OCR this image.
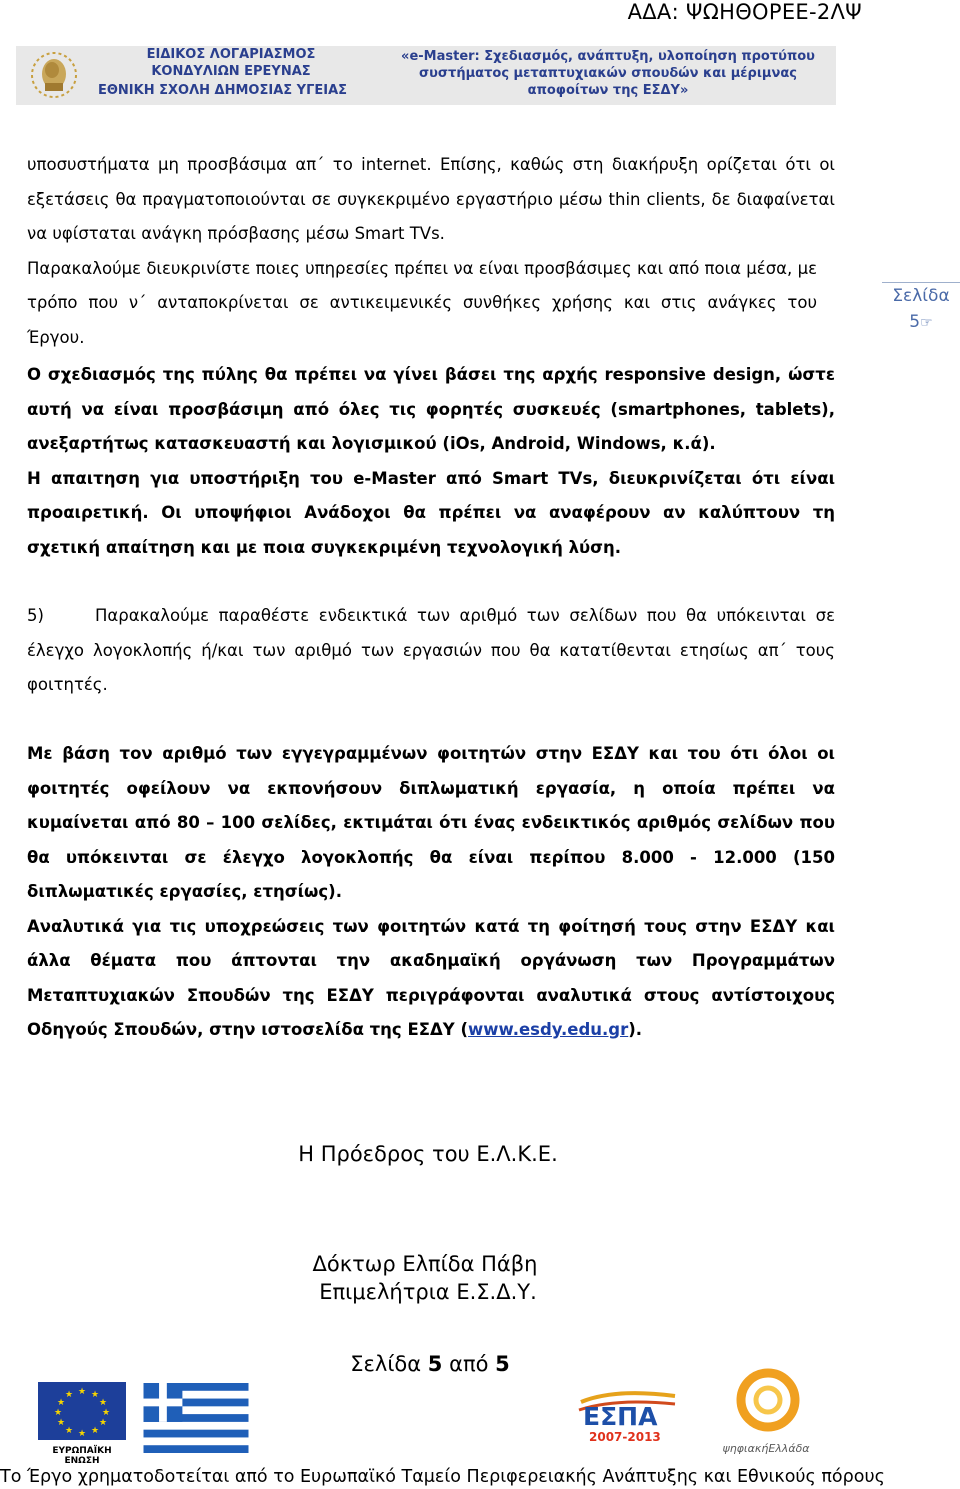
ΑΔΑ: ΨΩΗΘΟΡΕΕ-2ΛΨ
ΕΙΔΙΚΟΣ ΛΟΓΑΡΙΑΣΜΟΣ
ΚΟΝΔΥΛΙΩΝ ΕΡΕΥΝΑΣ
ΕΘΝΙΚΗ ΣΧΟΛΗ ΔΗΜΟΣΙΑΣ ΥΓΕΙΑΣ
«e-Master: Σχεδιασμός, ανάπτυξη, υλοποίηση προτύπου
συστήματος μεταπτυχιακών σπουδών και μέριμνας
αποφοίτων της ΕΣΔΥ»
Σελίδα
5☞

υποσυστήματα μη προσβάσιμα απ΄ το internet. Επίσης, καθώς στη διακήρυξη ορίζεται ότι οι εξετάσεις θα πραγματοποιούνται σε συγκεκριμένο εργαστήριο μέσω thin clients, δε διαφαίνεται να υφίσταται ανάγκη πρόσβασης μέσω Smart TVs.

Παρακαλούμε διευκρινίστε ποιες υπηρεσίες πρέπει να είναι προσβάσιμες και από ποια μέσα, με τρόπο που ν΄ ανταποκρίνεται σε αντικειμενικές συνθήκες χρήσης και στις ανάγκες του Έργου.

Ο σχεδιασμός της πύλης θα πρέπει να γίνει βάσει της αρχής responsive design, ώστε αυτή να είναι προσβάσιμη από όλες τις φορητές συσκευές (smartphones, tablets), ανεξαρτήτως κατασκευαστή και λογισμικού (iOs, Android, Windows, κ.ά).

Η απαιτηση για υποστήριξη του e-Master από Smart TVs, διευκρινίζεται ότι είναι προαιρετική. Οι υποψήφιοι Ανάδοχοι θα πρέπει να αναφέρουν αν καλύπτουν τη σχετική απαίτηση και με ποια συγκεκριμένη τεχνολογική λύση.

5)	Παρακαλούμε παραθέστε ενδεικτικά των αριθμό των σελίδων που θα υπόκεινται σε έλεγχο λογοκλοπής ή/και των αριθμό των εργασιών που θα κατατίθενται ετησίως απ΄ τους φοιτητές.

Με βάση τον αριθμό των εγγεγραμμένων φοιτητών στην ΕΣΔΥ και του ότι όλοι οι φοιτητές οφείλουν να εκπονήσουν διπλωματική εργασία, η οποία πρέπει να κυμαίνεται από 80 – 100 σελίδες, εκτιμάται ότι ένας ενδεικτικός αριθμός σελίδων που θα υπόκεινται σε έλεγχο λογοκλοπής θα είναι περίπου 8.000 - 12.000 (150 διπλωματικές εργασίες, ετησίως).

Αναλυτικά για τις υποχρεώσεις των φοιτητών κατά τη φοίτησή τους στην ΕΣΔΥ και άλλα θέματα που άπτονται την ακαδημαϊκή οργάνωση των Προγραμμάτων Μεταπτυχιακών Σπουδών της ΕΣΔΥ περιγράφονται αναλυτικά στους αντίστοιχους Οδηγούς Σπουδών, στην ιστοσελίδα της ΕΣΔΥ (www.esdy.edu.gr).

Η Πρόεδρος του Ε.Λ.Κ.Ε.
Δόκτωρ Ελπίδα Πάβη
Επιμελήτρια Ε.Σ.Δ.Υ.
Σελίδα 5 από 5
★ ★
★
★
★
★
★
★
★
★
★
★
ΕΥΡΩΠΑΪΚΗ ΕΝΩΣΗ
ΕΣΠΑ
2007-2013
ψηφιακήΕλλάδα
Το Έργο χρηματοδοτείται από το Ευρωπαϊκό Ταμείο Περιφερειακής Ανάπτυξης και Εθνικούς πόρους
